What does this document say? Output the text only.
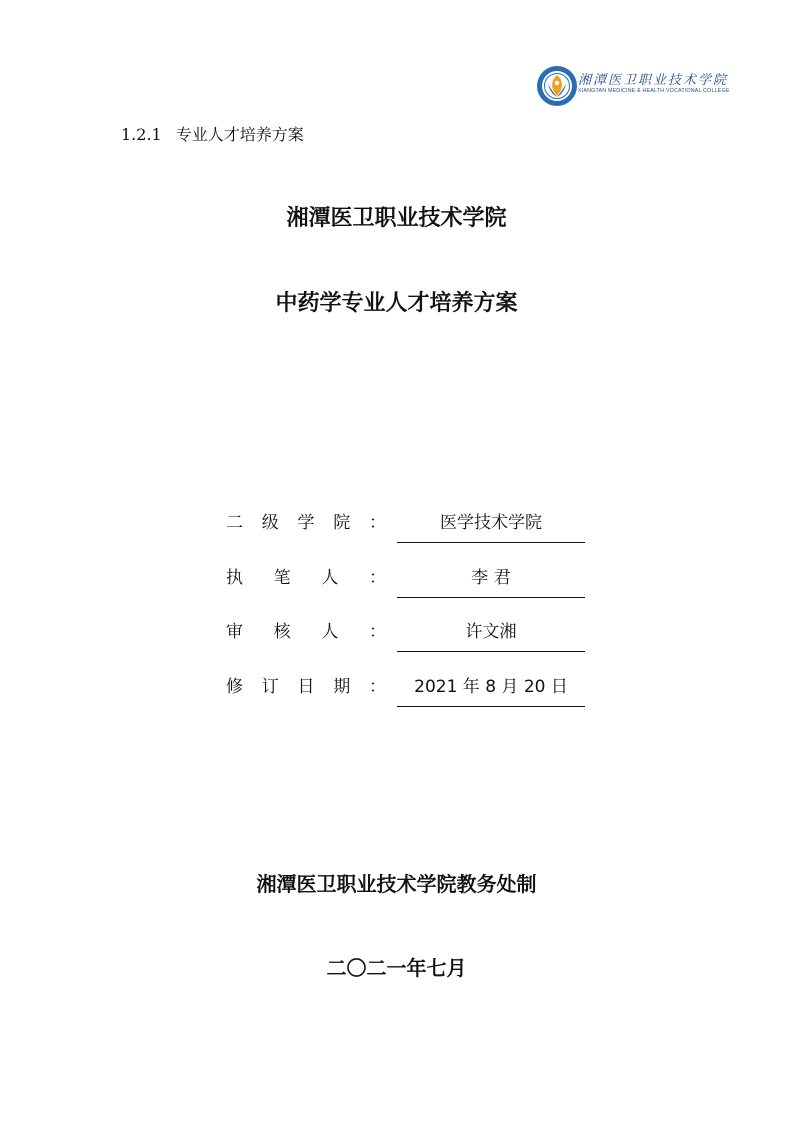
湘潭医卫职业技术学院
XIANGTAN MEDICINE & HEALTH VOCATIONAL COLLEGE
1.2.1 专业人才培养方案
湘潭医卫职业技术学院
中药学专业人才培养方案
二 级 学 院 ：	医学技术学院
执 笔 人 ：	李 君
审 核 人 ：	许文湘
修 订 日 期 ：	2021 年 8 月 20 日
湘潭医卫职业技术学院教务处制
二〇二一年七月
